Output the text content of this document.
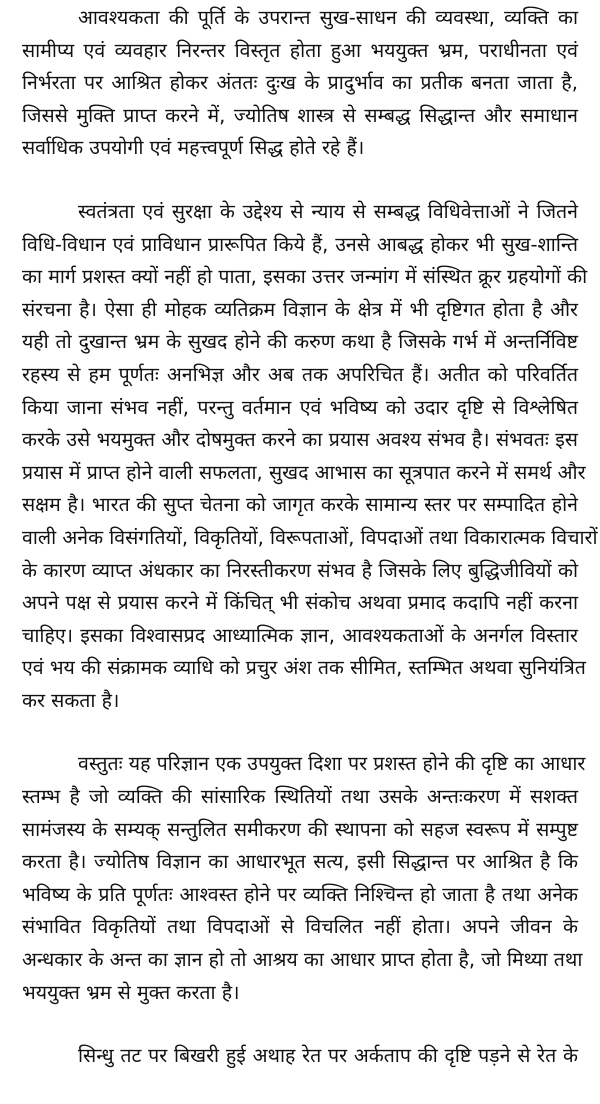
आवश्यकता की पूर्ति के उपरान्त सुख-साधन की व्यवस्था, व्यक्ति का
सामीप्य एवं व्यवहार निरन्तर विस्तृत होता हुआ भययुक्त भ्रम, पराधीनता एवं
निर्भरता पर आश्रित होकर अंततः दुःख के प्रादुर्भाव का प्रतीक बनता जाता है,
जिससे मुक्ति प्राप्त करने में, ज्योतिष शास्त्र से सम्बद्ध सिद्धान्त और समाधान
सर्वाधिक उपयोगी एवं महत्त्वपूर्ण सिद्ध होते रहे हैं।
स्वतंत्रता एवं सुरक्षा के उद्देश्य से न्याय से सम्बद्ध विधिवेत्ताओं ने जितने
विधि-विधान एवं प्राविधान प्रारूपित किये हैं, उनसे आबद्ध होकर भी सुख-शान्ति
का मार्ग प्रशस्त क्यों नहीं हो पाता, इसका उत्तर जन्मांग में संस्थित क्रूर ग्रहयोगों की
संरचना है। ऐसा ही मोहक व्यतिक्रम विज्ञान के क्षेत्र में भी दृष्टिगत होता है और
यही तो दुखान्त भ्रम के सुखद होने की करुण कथा है जिसके गर्भ में अन्तर्निविष्ट
रहस्य से हम पूर्णतः अनभिज्ञ और अब तक अपरिचित हैं। अतीत को परिवर्तित
किया जाना संभव नहीं, परन्तु वर्तमान एवं भविष्य को उदार दृष्टि से विश्लेषित
करके उसे भयमुक्त और दोषमुक्त करने का प्रयास अवश्य संभव है। संभवतः इस
प्रयास में प्राप्त होने वाली सफलता, सुखद आभास का सूत्रपात करने में समर्थ और
सक्षम है। भारत की सुप्त चेतना को जागृत करके सामान्य स्तर पर सम्पादित होने
वाली अनेक विसंगतियों, विकृतियों, विरूपताओं, विपदाओं तथा विकारात्मक विचारों
के कारण व्याप्त अंधकार का निरस्तीकरण संभव है जिसके लिए बुद्धिजीवियों को
अपने पक्ष से प्रयास करने में किंचित् भी संकोच अथवा प्रमाद कदापि नहीं करना
चाहिए। इसका विश्वासप्रद आध्यात्मिक ज्ञान, आवश्यकताओं के अनर्गल विस्तार
एवं भय की संक्रामक व्याधि को प्रचुर अंश तक सीमित, स्तम्भित अथवा सुनियंत्रित
कर सकता है।
वस्तुतः यह परिज्ञान एक उपयुक्त दिशा पर प्रशस्त होने की दृष्टि का आधार
स्तम्भ है जो व्यक्ति की सांसारिक स्थितियों तथा उसके अन्तःकरण में सशक्त
सामंजस्य के सम्यक् सन्तुलित समीकरण की स्थापना को सहज स्वरूप में सम्पुष्ट
करता है। ज्योतिष विज्ञान का आधारभूत सत्य, इसी सिद्धान्त पर आश्रित है कि
भविष्य के प्रति पूर्णतः आश्वस्त होने पर व्यक्ति निश्चिन्त हो जाता है तथा अनेक
संभावित विकृतियों तथा विपदाओं से विचलित नहीं होता। अपने जीवन के
अन्धकार के अन्त का ज्ञान हो तो आश्रय का आधार प्राप्त होता है, जो मिथ्या तथा
भययुक्त भ्रम से मुक्त करता है।
सिन्धु तट पर बिखरी हुई अथाह रेत पर अर्कताप की दृष्टि पड़ने से रेत के
